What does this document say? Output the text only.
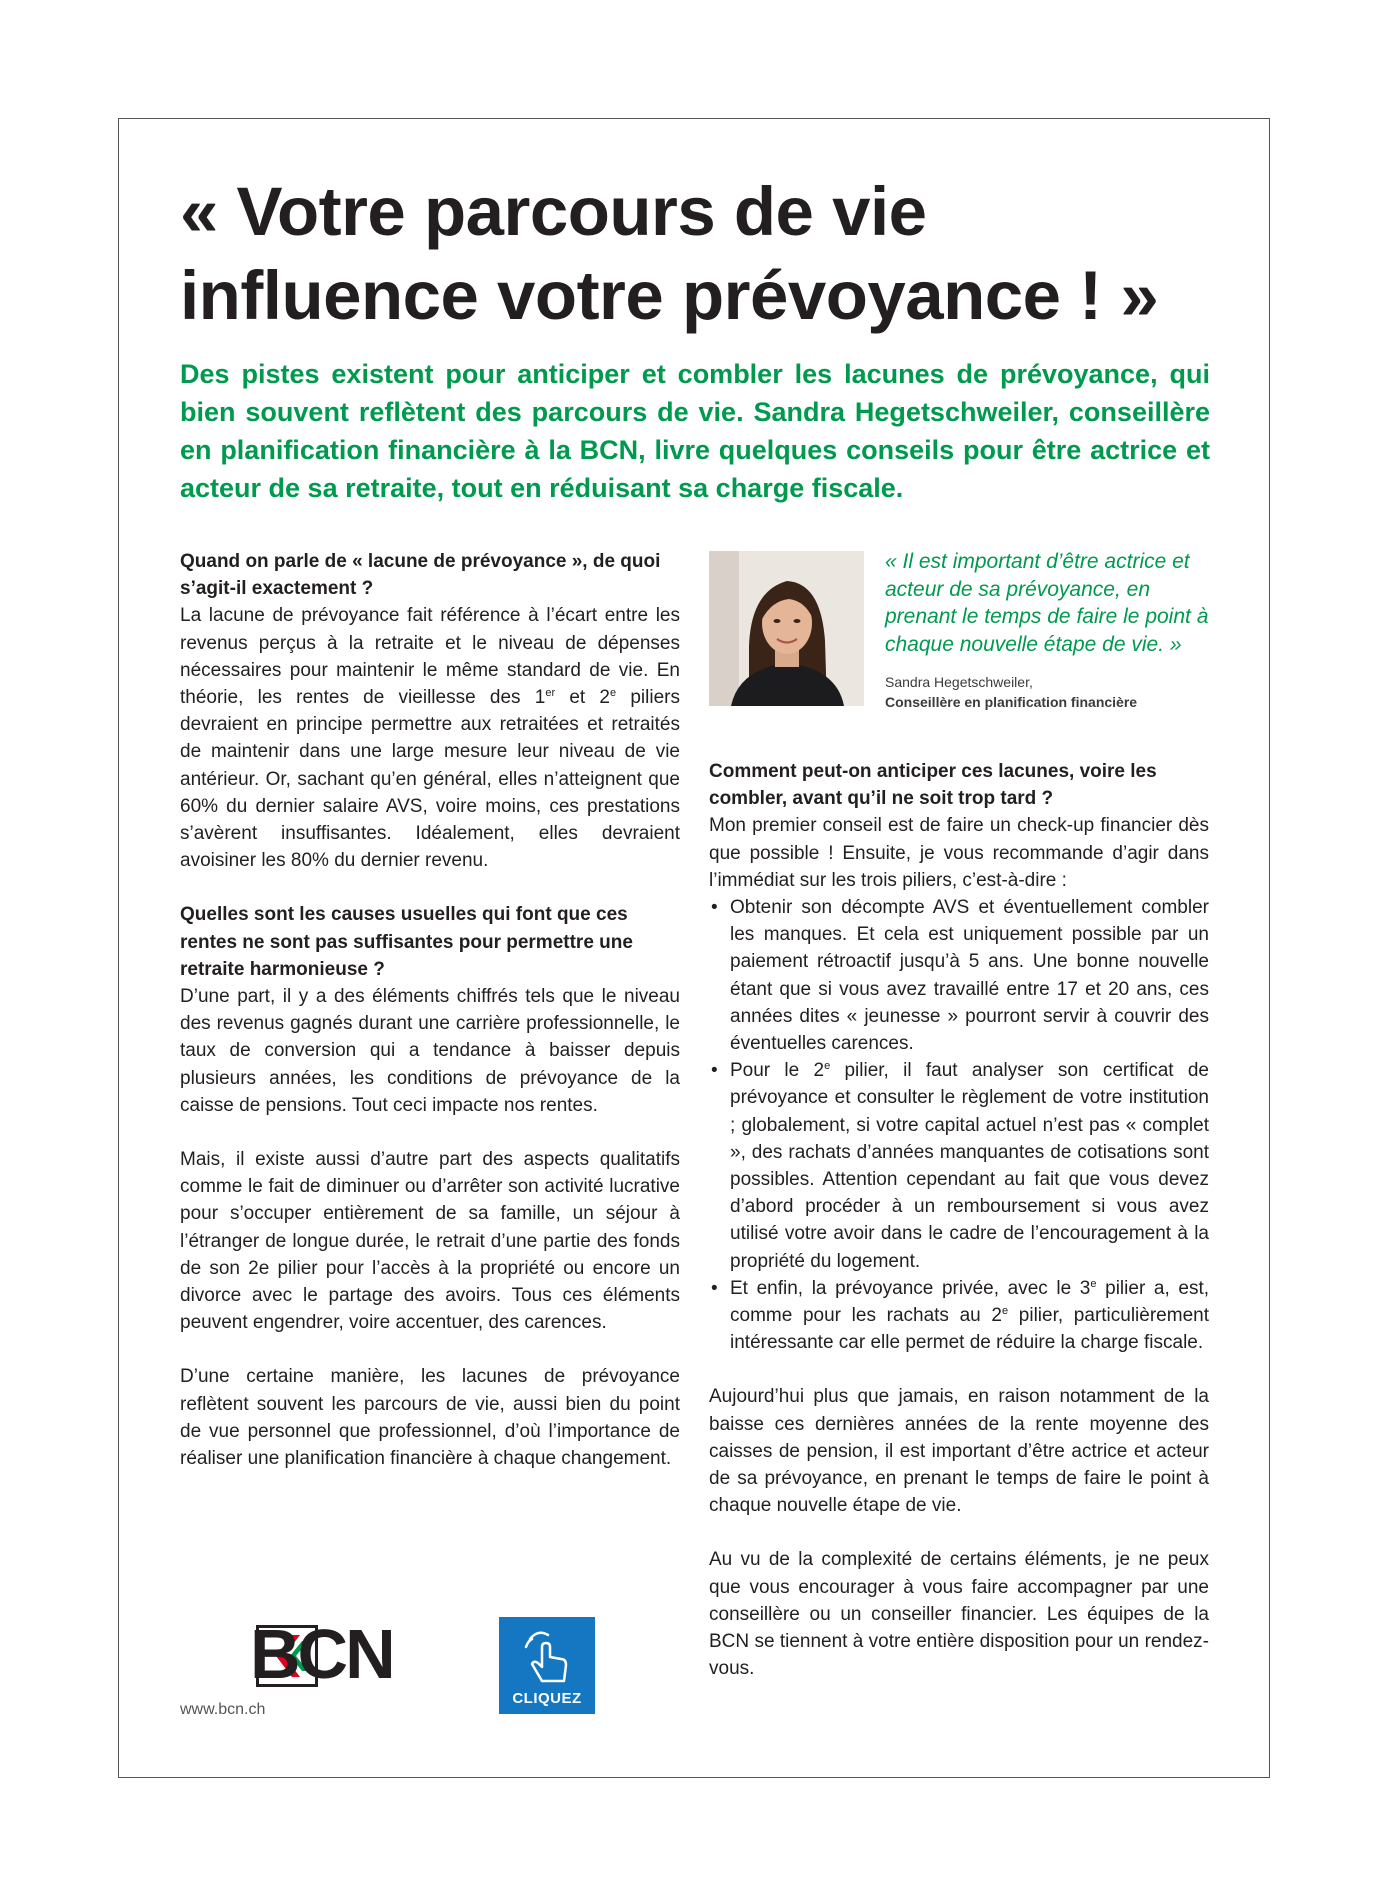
« Votre parcours de vie influence votre prévoyance ! »

Des pistes existent pour anticiper et combler les lacunes de prévoyance, qui bien souvent reflètent des parcours de vie. Sandra Hegetschweiler, conseillère en planification financière à la BCN, livre quelques conseils pour être actrice et acteur de sa retraite, tout en réduisant sa charge fiscale.

Quand on parle de « lacune de prévoyance », de quoi s’agit-il exactement ?

La lacune de prévoyance fait référence à l’écart entre les revenus perçus à la retraite et le niveau de dépenses nécessaires pour maintenir le même standard de vie. En théorie, les rentes de vieillesse des 1er et 2e piliers devraient en principe permettre aux retraitées et retraités de maintenir dans une large mesure leur niveau de vie antérieur. Or, sachant qu’en général, elles n’atteignent que 60% du dernier salaire AVS, voire moins, ces prestations s’avèrent insuffisantes. Idéalement, elles devraient avoisiner les 80% du dernier revenu.

Quelles sont les causes usuelles qui font que ces rentes ne sont pas suffisantes pour permettre une retraite harmonieuse ?

D’une part, il y a des éléments chiffrés tels que le niveau des revenus gagnés durant une carrière professionnelle, le taux de conversion qui a tendance à baisser depuis plusieurs années, les conditions de prévoyance de la caisse de pensions. Tout ceci impacte nos rentes.

Mais, il existe aussi d’autre part des aspects qualitatifs comme le fait de diminuer ou d’arrêter son activité lucrative pour s’occuper entièrement de sa famille, un séjour à l’étranger de longue durée, le retrait d’une partie des fonds de son 2e pilier pour l’accès à la propriété ou encore un divorce avec le partage des avoirs. Tous ces éléments peuvent engendrer, voire accentuer, des carences.

D’une certaine manière, les lacunes de prévoyance reflètent souvent les parcours de vie, aussi bien du point de vue personnel que professionnel, d’où l’importance de réaliser une planification financière à chaque changement.

« Il est important d’être actrice et acteur de sa prévoyance, en prenant le temps de faire le point à chaque nouvelle étape de vie. »

Sandra Hegetschweiler,
Conseillère en planification financière

Comment peut-on anticiper ces lacunes, voire les combler, avant qu’il ne soit trop tard ?

Mon premier conseil est de faire un check-up financier dès que possible ! Ensuite, je vous recommande d’agir dans l’immédiat sur les trois piliers, c’est-à-dire :

• Obtenir son décompte AVS et éventuellement combler les manques. Et cela est uniquement possible par un paiement rétroactif jusqu’à 5 ans. Une bonne nouvelle étant que si vous avez travaillé entre 17 et 20 ans, ces années dites « jeunesse » pourront servir à couvrir des éventuelles carences.
• Pour le 2e pilier, il faut analyser son certificat de prévoyance et consulter le règlement de votre institution ; globalement, si votre capital actuel n’est pas « complet », des rachats d’années manquantes de cotisations sont possibles. Attention cependant au fait que vous devez d’abord procéder à un remboursement si vous avez utilisé votre avoir dans le cadre de l’encouragement à la propriété du logement.
• Et enfin, la prévoyance privée, avec le 3e pilier a, est, comme pour les rachats au 2e pilier, particulièrement intéressante car elle permet de réduire la charge fiscale.

Aujourd’hui plus que jamais, en raison notamment de la baisse ces dernières années de la rente moyenne des caisses de pension, il est important d’être actrice et acteur de sa prévoyance, en prenant le temps de faire le point à chaque nouvelle étape de vie.

Au vu de la complexité de certains éléments, je ne peux que vous encourager à vous faire accompagner par une conseillère ou un conseiller financier. Les équipes de la BCN se tiennent à votre entière disposition pour un rendez-vous.

BCN
www.bcn.ch
CLIQUEZ
